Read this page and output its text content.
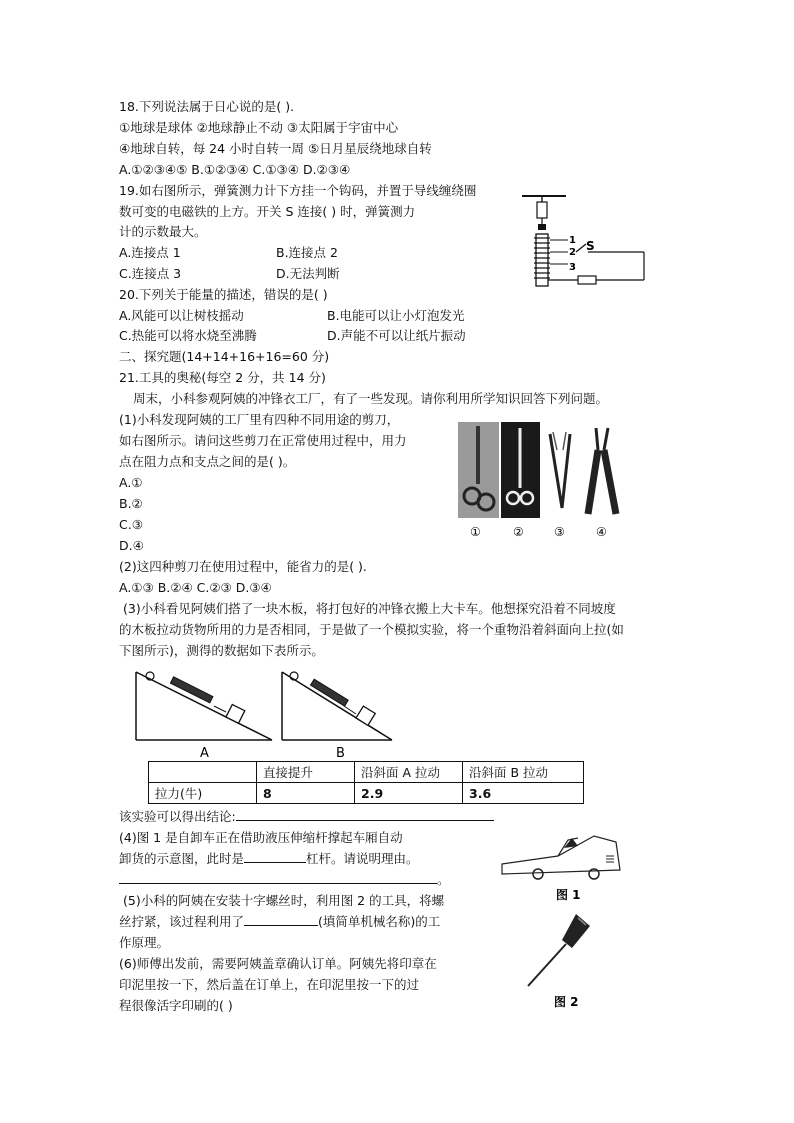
18.下列说法属于日心说的是( ).
①地球是球体 ②地球静止不动 ③太阳属于宇宙中心
④地球自转，每 24 小时自转一周 ⑤日月星辰绕地球自转
A.①②③④⑤ B.①②③④ C.①③④ D.②③④
19.如右图所示，弹簧测力计下方挂一个钩码，并置于导线缠绕圈
数可变的电磁铁的上方。开关 S 连接( ) 时，弹簧测力
计的示数最大。
A.连接点 1	B.连接点 2
C.连接点 3	D.无法判断
1
2
3
S
20.下列关于能量的描述，错误的是( )
A.风能可以让树枝摇动	B.电能可以让小灯泡发光
C.热能可以将水烧至沸腾	D.声能不可以让纸片振动
二、探究题(14+14+16+16=60 分)
21.工具的奥秘(每空 2 分，共 14 分)
周末，小科参观阿姨的冲锋衣工厂，有了一些发现。请你利用所学知识回答下列问题。
(1)小科发现阿姨的工厂里有四种不同用途的剪刀，
如右图所示。请问这些剪刀在正常使用过程中，用力
点在阻力点和支点之间的是( )。
A.①
B.②
C.③
D.④
①	②	③	④
(2)这四种剪刀在使用过程中，能省力的是( ).
A.①③ B.②④ C.②③ D.③④
(3)小科看见阿姨们搭了一块木板，将打包好的冲锋衣搬上大卡车。他想探究沿着不同坡度
的木板拉动货物所用的力是否相同，于是做了一个模拟实验，将一个重物沿着斜面向上拉(如
下图所示)，测得的数据如下表所示。
A	B
	直接提升	沿斜面 A 拉动	沿斜面 B 拉动
拉力(牛)	8	2.9	3.6
该实验可以得出结论:
(4)图 1 是自卸车正在借助液压伸缩杆撑起车厢自动
卸货的示意图，此时是	杠杆。请说明理由。
。
图 1
(5)小科的阿姨在安装十字螺丝时，利用图 2 的工具，将螺
丝拧紧，该过程利用了	(填简单机械名称)的工
作原理。
图 2
(6)师傅出发前，需要阿姨盖章确认订单。阿姨先将印章在
印泥里按一下，然后盖在订单上，在印泥里按一下的过
程很像活字印刷的( )
